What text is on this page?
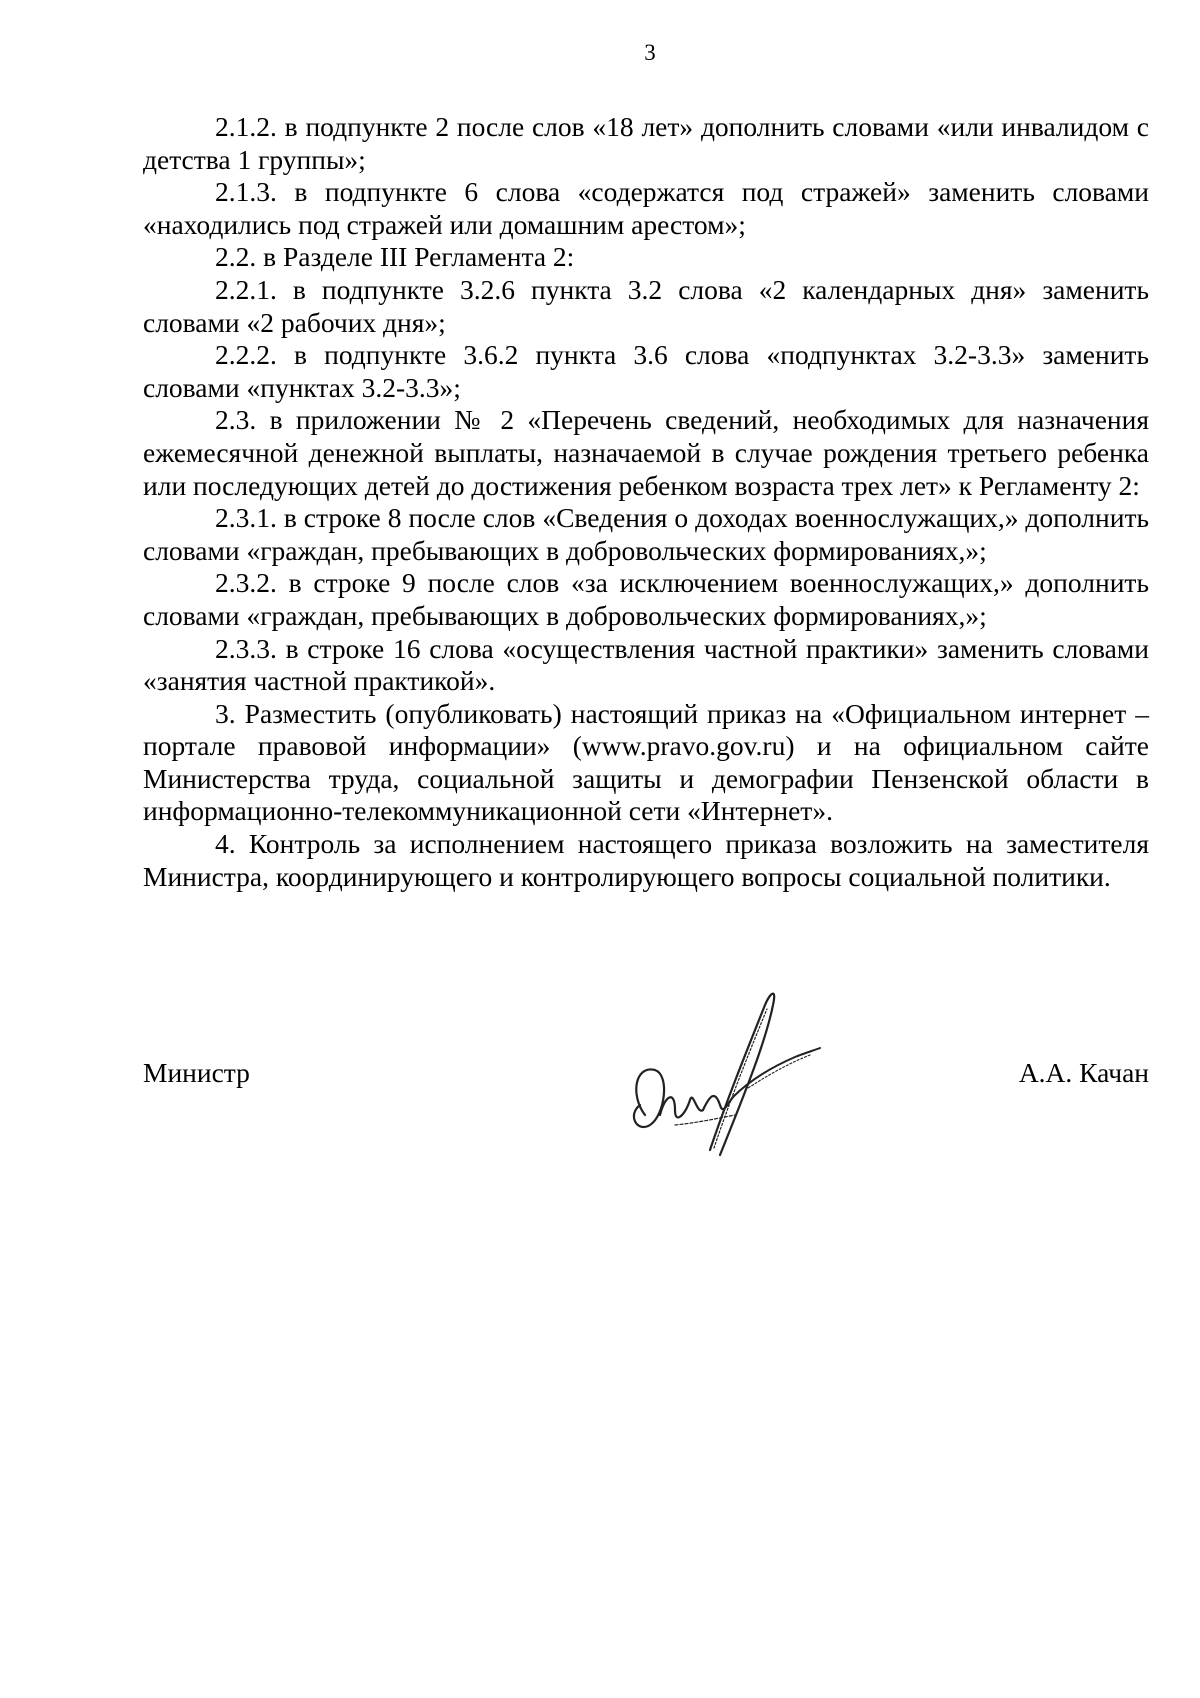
3

2.1.2. в подпункте 2 после слов «18 лет» дополнить словами «или инвалидом с детства 1 группы»;

2.1.3. в подпункте 6 слова «содержатся под стражей» заменить словами «находились под стражей или домашним арестом»;

2.2. в Разделе III Регламента 2:

2.2.1. в подпункте 3.2.6 пункта 3.2 слова «2 календарных дня» заменить словами «2 рабочих дня»;

2.2.2. в подпункте 3.6.2 пункта 3.6 слова «подпунктах 3.2-3.3» заменить словами «пунктах 3.2-3.3»;

2.3. в приложении № 2 «Перечень сведений, необходимых для назначения ежемесячной денежной выплаты, назначаемой в случае рождения третьего ребенка или последующих детей до достижения ребенком возраста трех лет» к Регламенту 2:

2.3.1. в строке 8 после слов «Сведения о доходах военнослужащих,» дополнить словами «граждан, пребывающих в добровольческих формированиях,»;

2.3.2. в строке 9 после слов «за исключением военнослужащих,» дополнить словами «граждан, пребывающих в добровольческих формированиях,»;

2.3.3. в строке 16 слова «осуществления частной практики» заменить словами «занятия частной практикой».

3. Разместить (опубликовать) настоящий приказ на «Официальном интернет – портале правовой информации» (www.pravo.gov.ru) и на официальном сайте Министерства труда, социальной защиты и демографии Пензенской области в информационно-телекоммуникационной сети «Интернет».

4. Контроль за исполнением настоящего приказа возложить на заместителя Министра, координирующего и контролирующего вопросы социальной политики.

Министр	А.А. Качан
